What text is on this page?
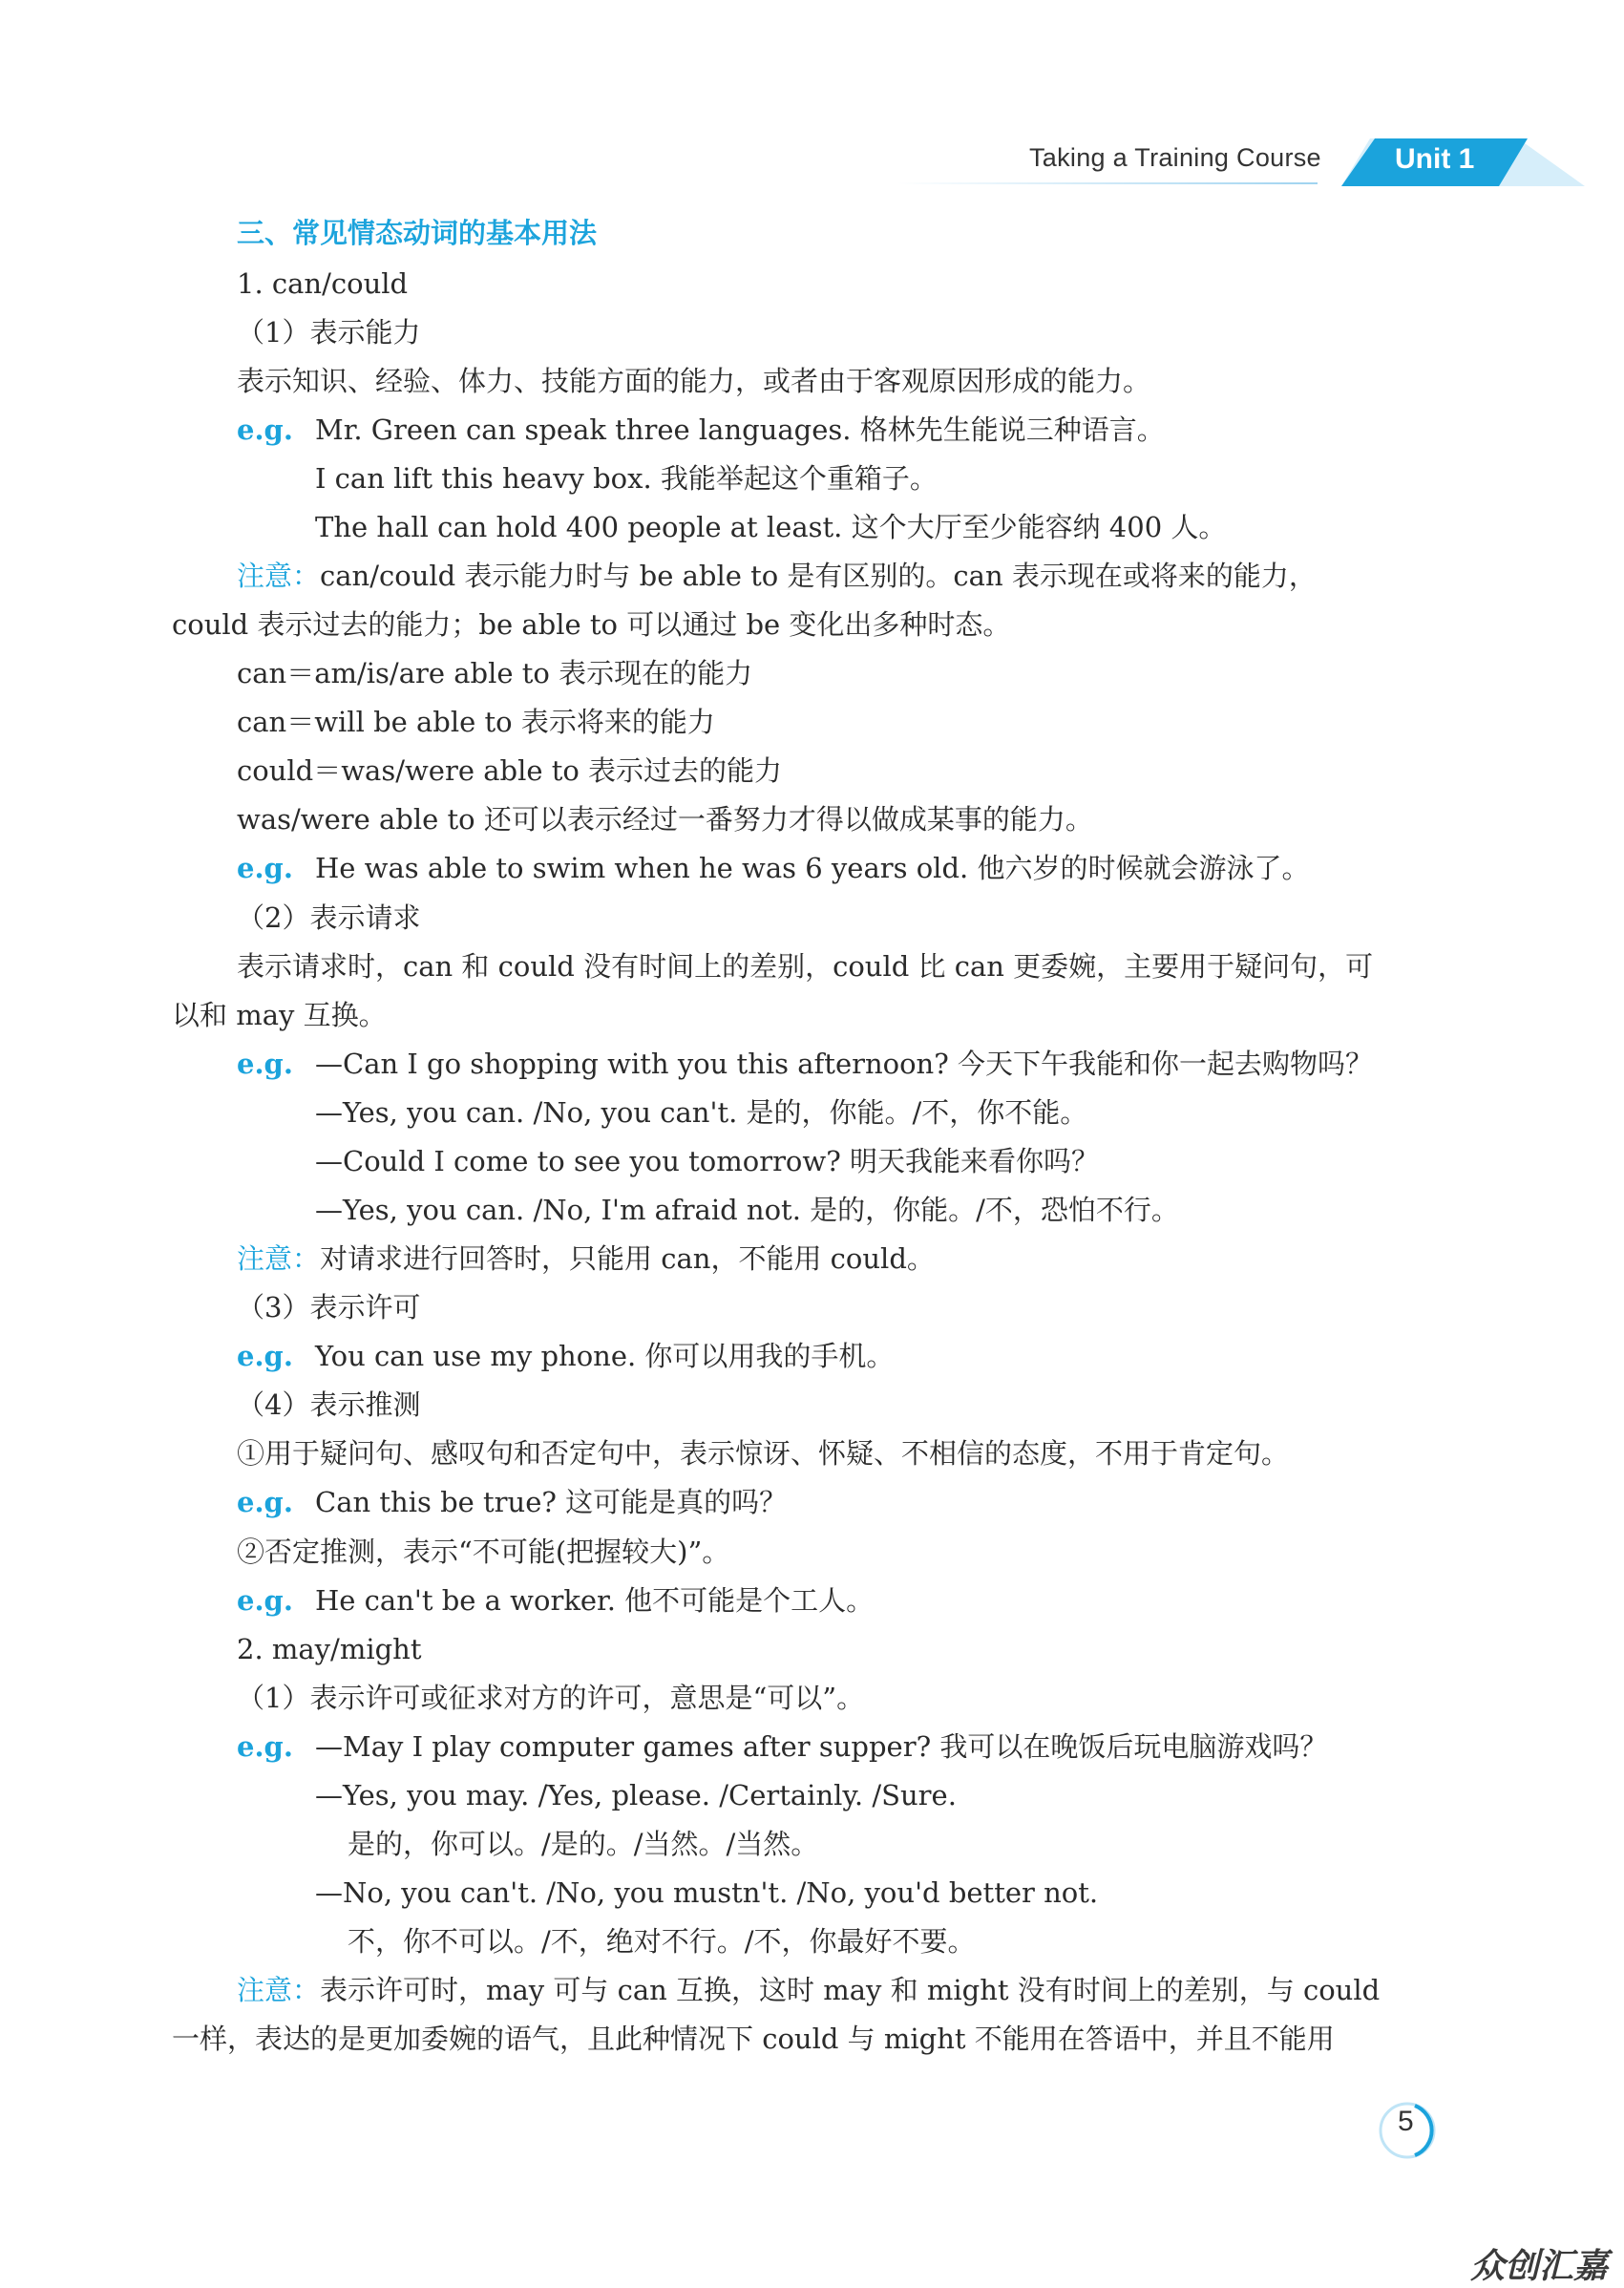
Taking a Training Course	Unit 1
三、常见情态动词的基本用法
1. can/could
（1）表示能力
表示知识、经验、体力、技能方面的能力，或者由于客观原因形成的能力。
e.g. Mr. Green can speak three languages. 格林先生能说三种语言。
I can lift this heavy box. 我能举起这个重箱子。
The hall can hold 400 people at least. 这个大厅至少能容纳 400 人。
注意：can/could 表示能力时与 be able to 是有区别的。can 表示现在或将来的能力，
could 表示过去的能力；be able to 可以通过 be 变化出多种时态。
can＝am/is/are able to 表示现在的能力
can＝will be able to 表示将来的能力
could＝was/were able to 表示过去的能力
was/were able to 还可以表示经过一番努力才得以做成某事的能力。
e.g. He was able to swim when he was 6 years old. 他六岁的时候就会游泳了。
（2）表示请求
表示请求时，can 和 could 没有时间上的差别，could 比 can 更委婉，主要用于疑问句，可
以和 may 互换。
e.g. —Can I go shopping with you this afternoon? 今天下午我能和你一起去购物吗？
—Yes, you can. /No, you can't. 是的，你能。/不，你不能。
—Could I come to see you tomorrow? 明天我能来看你吗？
—Yes, you can. /No, I'm afraid not. 是的，你能。/不，恐怕不行。
注意：对请求进行回答时，只能用 can，不能用 could。
（3）表示许可
e.g. You can use my phone. 你可以用我的手机。
（4）表示推测
①用于疑问句、感叹句和否定句中，表示惊讶、怀疑、不相信的态度，不用于肯定句。
e.g. Can this be true? 这可能是真的吗？
②否定推测，表示“不可能(把握较大)”。
e.g. He can't be a worker. 他不可能是个工人。
2. may/might
（1）表示许可或征求对方的许可，意思是“可以”。
e.g. —May I play computer games after supper? 我可以在晚饭后玩电脑游戏吗？
—Yes, you may. /Yes, please. /Certainly. /Sure.
是的，你可以。/是的。/当然。/当然。
—No, you can't. /No, you mustn't. /No, you'd better not.
不，你不可以。/不，绝对不行。/不，你最好不要。
注意：表示许可时，may 可与 can 互换，这时 may 和 might 没有时间上的差别，与 could
一样，表达的是更加委婉的语气，且此种情况下 could 与 might 不能用在答语中，并且不能用
5
众创汇嘉
